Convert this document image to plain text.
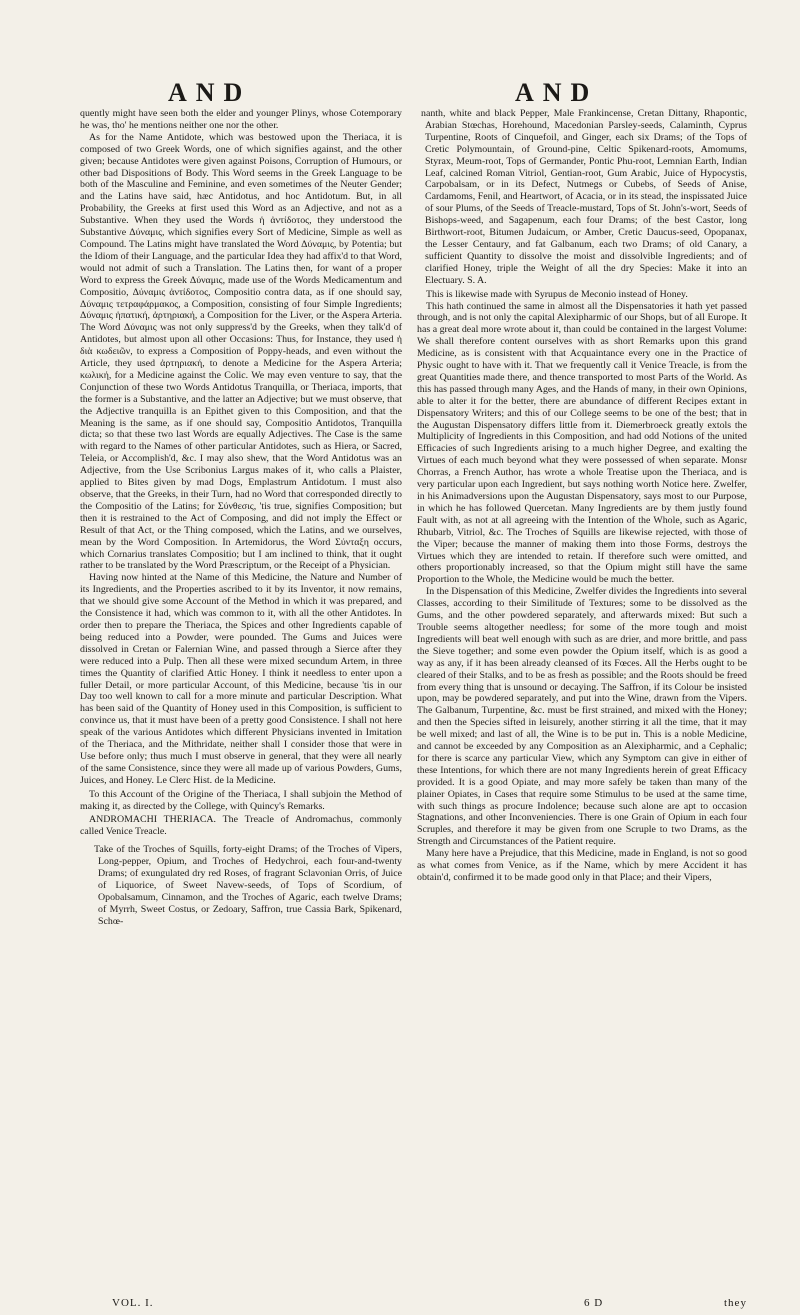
AND	AND

quently might have seen both the elder and younger Plinys, whose Cotemporary he was, tho' he mentions neither one nor the other.

As for the Name Antidote, which was bestowed upon the Theriaca, it is composed of two Greek Words, one of which signifies against, and the other given; because Antidotes were given against Poisons, Corruption of Humours, or other bad Dispositions of Body. This Word seems in the Greek Language to be both of the Masculine and Feminine, and even sometimes of the Neuter Gender; and the Latins have said, hæc Antidotus, and hoc Antidotum. But, in all Probability, the Greeks at first used this Word as an Adjective, and not as a Substantive. When they used the Words ἡ ἀντίδοτος, they understood the Substantive Δύναμις, which signifies every Sort of Medicine, Simple as well as Compound. The Latins might have translated the Word Δύναμις, by Potentia; but the Idiom of their Language, and the particular Idea they had affix'd to that Word, would not admit of such a Translation. The Latins then, for want of a proper Word to express the Greek Δύναμις, made use of the Words Medicamentum and Compositio, Δύναμις ἀντίδοτος, Compositio contra data, as if one should say, Δύναμις τετραφάρμακος, a Composition, consisting of four Simple Ingredients; Δύναμις ἡπατική, ἀρτηριακή, a Composition for the Liver, or the Aspera Arteria. The Word Δύναμις was not only suppress'd by the Greeks, when they talk'd of Antidotes, but almost upon all other Occasions: Thus, for Instance, they used ἡ διὰ κωδειῶν, to express a Composition of Poppy-heads, and even without the Article, they used ἀρτηριακή, to denote a Medicine for the Aspera Arteria; κωλική, for a Medicine against the Colic. We may even venture to say, that the Conjunction of these two Words Antidotus Tranquilla, or Theriaca, imports, that the former is a Substantive, and the latter an Adjective; but we must observe, that the Adjective tranquilla is an Epithet given to this Composition, and that the Meaning is the same, as if one should say, Compositio Antidotos, Tranquilla dicta; so that these two last Words are equally Adjectives. The Case is the same with regard to the Names of other particular Antidotes, such as Hiera, or Sacred, Teleia, or Accomplish'd, &c. I may also shew, that the Word Antidotus was an Adjective, from the Use Scribonius Largus makes of it, who calls a Plaister, applied to Bites given by mad Dogs, Emplastrum Antidotum. I must also observe, that the Greeks, in their Turn, had no Word that corresponded directly to the Compositio of the Latins; for Σύνθεσις, 'tis true, signifies Composition; but then it is restrained to the Act of Composing, and did not imply the Effect or Result of that Act, or the Thing composed, which the Latins, and we ourselves, mean by the Word Composition. In Artemidorus, the Word Σύνταξη occurs, which Cornarius translates Compositio; but I am inclined to think, that it ought rather to be translated by the Word Præscriptum, or the Receipt of a Physician.

Having now hinted at the Name of this Medicine, the Nature and Number of its Ingredients, and the Properties ascribed to it by its Inventor, it now remains, that we should give some Account of the Method in which it was prepared, and the Consistence it had, which was common to it, with all the other Antidotes. In order then to prepare the Theriaca, the Spices and other Ingredients capable of being reduced into a Powder, were pounded. The Gums and Juices were dissolved in Cretan or Falernian Wine, and passed through a Sierce after they were reduced into a Pulp. Then all these were mixed secundum Artem, in three times the Quantity of clarified Attic Honey. I think it needless to enter upon a fuller Detail, or more particular Account, of this Medicine, because 'tis in our Day too well known to call for a more minute and particular Description. What has been said of the Quantity of Honey used in this Composition, is sufficient to convince us, that it must have been of a pretty good Consistence. I shall not here speak of the various Antidotes which different Physicians invented in Imitation of the Theriaca, and the Mithridate, neither shall I consider those that were in Use before only; thus much I must observe in general, that they were all nearly of the same Consistence, since they were all made up of various Powders, Gums, Juices, and Honey. Le Clerc Hist. de la Medicine.

To this Account of the Origine of the Theriaca, I shall subjoin the Method of making it, as directed by the College, with Quincy's Remarks.

ANDROMACHI THERIACA. The Treacle of Andromachus, commonly called Venice Treacle.

Take of the Troches of Squills, forty-eight Drams; of the Troches of Vipers, Long-pepper, Opium, and Troches of Hedychroi, each four-and-twenty Drams; of exungulated dry red Roses, of fragrant Sclavonian Orris, of Juice of Liquorice, of Sweet Navew-seeds, of Tops of Scordium, of Opobalsamum, Cinnamon, and the Troches of Agaric, each twelve Drams; of Myrrh, Sweet Costus, or Zedoary, Saffron, true Cassia Bark, Spikenard, Schœ-

nanth, white and black Pepper, Male Frankincense, Cretan Dittany, Rhapontic, Arabian Stœchas, Horehound, Macedonian Parsley-seeds, Calaminth, Cyprus Turpentine, Roots of Cinquefoil, and Ginger, each six Drams; of the Tops of Cretic Polymountain, of Ground-pine, Celtic Spikenard-roots, Amomums, Styrax, Meum-root, Tops of Germander, Pontic Phu-root, Lemnian Earth, Indian Leaf, calcined Roman Vitriol, Gentian-root, Gum Arabic, Juice of Hypocystis, Carpobalsam, or in its Defect, Nutmegs or Cubebs, of Seeds of Anise, Cardamoms, Fenil, and Heartwort, of Acacia, or in its stead, the inspissated Juice of sour Plums, of the Seeds of Treacle-mustard, Tops of St. John's-wort, Seeds of Bishops-weed, and Sagapenum, each four Drams; of the best Castor, long Birthwort-root, Bitumen Judaicum, or Amber, Cretic Daucus-seed, Opopanax, the Lesser Centaury, and fat Galbanum, each two Drams; of old Canary, a sufficient Quantity to dissolve the moist and dissolvible Ingredients; and of clarified Honey, triple the Weight of all the dry Species: Make it into an Electuary. S. A.

This is likewise made with Syrupus de Meconio instead of Honey.

This hath continued the same in almost all the Dispensatories it hath yet passed through, and is not only the capital Alexipharmic of our Shops, but of all Europe. It has a great deal more wrote about it, than could be contained in the largest Volume: We shall therefore content ourselves with as short Remarks upon this grand Medicine, as is consistent with that Acquaintance every one in the Practice of Physic ought to have with it. That we frequently call it Venice Treacle, is from the great Quantities made there, and thence transported to most Parts of the World. As this has passed through many Ages, and the Hands of many, in their own Opinions, able to alter it for the better, there are abundance of different Recipes extant in Dispensatory Writers; and this of our College seems to be one of the best; that in the Augustan Dispensatory differs little from it. Diemerbroeck greatly extols the Multiplicity of Ingredients in this Composition, and had odd Notions of the united Efficacies of such Ingredients arising to a much higher Degree, and exalting the Virtues of each much beyond what they were possessed of when separate. Monsr Chorras, a French Author, has wrote a whole Treatise upon the Theriaca, and is very particular upon each Ingredient, but says nothing worth Notice here. Zwelfer, in his Animadversions upon the Augustan Dispensatory, says most to our Purpose, in which he has followed Quercetan. Many Ingredients are by them justly found Fault with, as not at all agreeing with the Intention of the Whole, such as Agaric, Rhubarb, Vitriol, &c. The Troches of Squills are likewise rejected, with those of the Viper; because the manner of making them into those Forms, destroys the Virtues which they are intended to retain. If therefore such were omitted, and others proportionably increased, so that the Opium might still have the same Proportion to the Whole, the Medicine would be much the better.

In the Dispensation of this Medicine, Zwelfer divides the Ingredients into several Classes, according to their Similitude of Textures; some to be dissolved as the Gums, and the other powdered separately, and afterwards mixed: But such a Trouble seems altogether needless; for some of the more tough and moist Ingredients will beat well enough with such as are drier, and more brittle, and pass the Sieve together; and some even powder the Opium itself, which is as good a way as any, if it has been already cleansed of its Fœces. All the Herbs ought to be cleared of their Stalks, and to be as fresh as possible; and the Roots should be freed from every thing that is unsound or decaying. The Saffron, if its Colour be insisted upon, may be powdered separately, and put into the Wine, drawn from the Vipers. The Galbanum, Turpentine, &c. must be first strained, and mixed with the Honey; and then the Species sifted in leisurely, another stirring it all the time, that it may be well mixed; and last of all, the Wine is to be put in. This is a noble Medicine, and cannot be exceeded by any Composition as an Alexipharmic, and a Cephalic; for there is scarce any particular View, which any Symptom can give in either of these Intentions, for which there are not many Ingredients herein of great Efficacy provided. It is a good Opiate, and may more safely be taken than many of the plainer Opiates, in Cases that require some Stimulus to be used at the same time, with such things as procure Indolence; because such alone are apt to occasion Stagnations, and other Inconveniencies. There is one Grain of Opium in each four Scruples, and therefore it may be given from one Scruple to two Drams, as the Strength and Circumstances of the Patient require.

Many here have a Prejudice, that this Medicine, made in England, is not so good as what comes from Venice, as if the Name, which by mere Accident it has obtain'd, confirmed it to be made good only in that Place; and their Vipers,

VOL. I.	6 D	they
